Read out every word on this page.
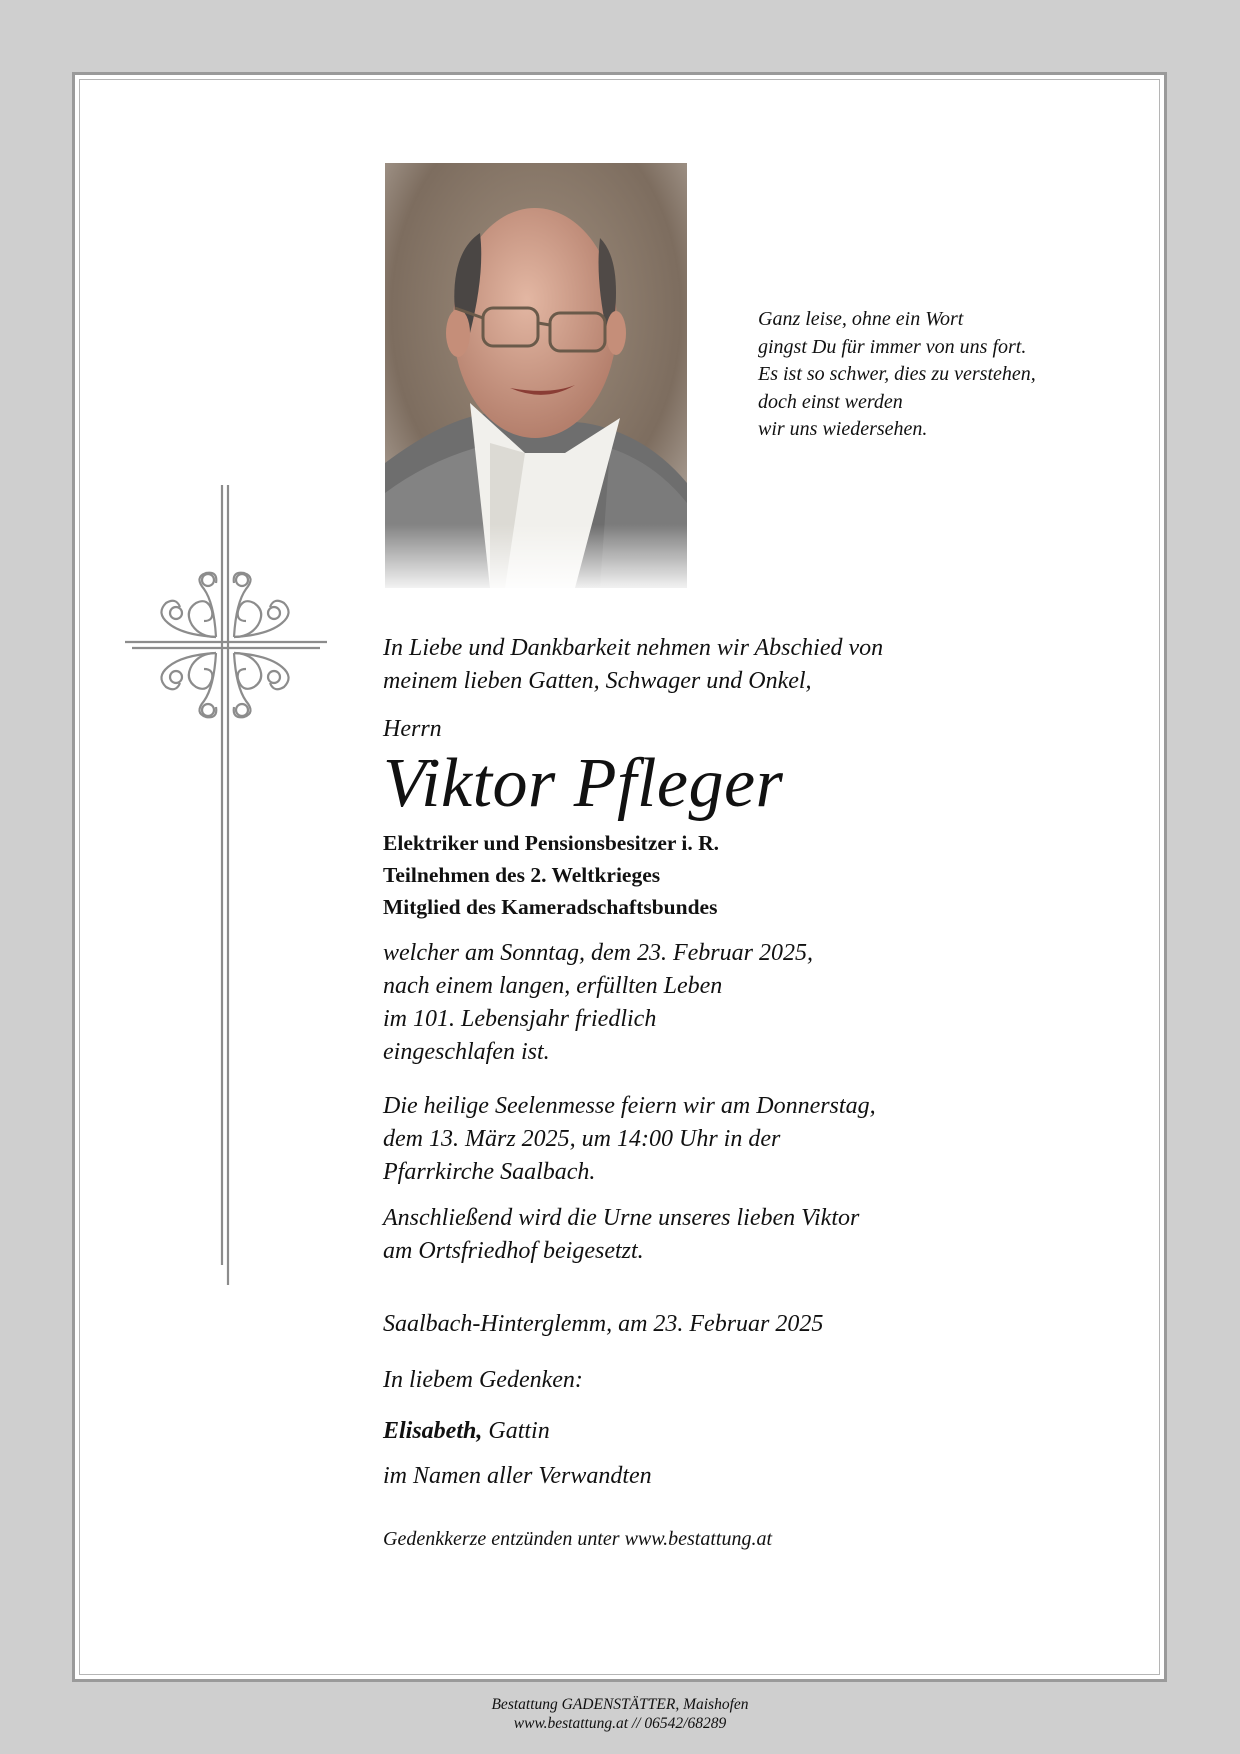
Ganz leise, ohne ein Wort
gingst Du für immer von uns fort.
Es ist so schwer, dies zu verstehen,
doch einst werden
wir uns wiedersehen.
In Liebe und Dankbarkeit nehmen wir Abschied von
meinem lieben Gatten, Schwager und Onkel,
Herrn
Viktor Pfleger
Elektriker und Pensionsbesitzer i. R.
Teilnehmen des 2. Weltkrieges
Mitglied des Kameradschaftsbundes
welcher am Sonntag, dem 23. Februar 2025,
nach einem langen, erfüllten Leben
im 101. Lebensjahr friedlich
eingeschlafen ist.
Die heilige Seelenmesse feiern wir am Donnerstag,
dem 13. März 2025, um 14:00 Uhr in der
Pfarrkirche Saalbach.
Anschließend wird die Urne unseres lieben Viktor
am Ortsfriedhof beigesetzt.
Saalbach-Hinterglemm, am 23. Februar 2025
In liebem Gedenken:
Elisabeth, Gattin
im Namen aller Verwandten
Gedenkkerze entzünden unter www.bestattung.at
Bestattung GADENSTÄTTER, Maishofen
www.bestattung.at // 06542/68289
